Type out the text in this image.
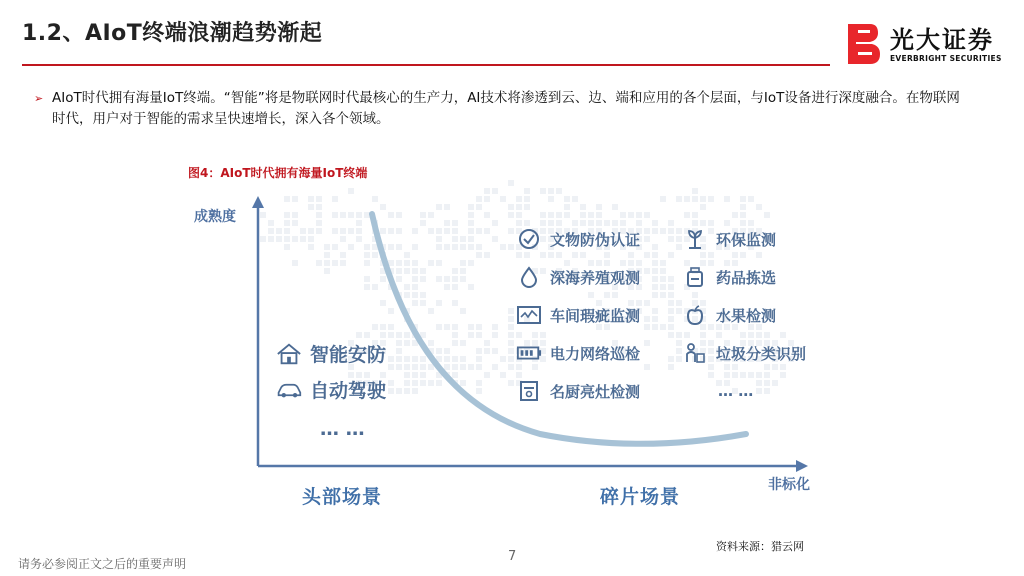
1.2、AIoT终端浪潮趋势渐起	光大证券
EVERBRIGHT SECURITIES
➢ AIoT时代拥有海量IoT终端。“智能”将是物联网时代最核心的生产力，AI技术将渗透到云、边、端和应用的各个层面，与IoT设备进行深度融合。在物联网时代，用户对于智能的需求呈快速增长，深入各个领域。
图4：AIoT时代拥有海量IoT终端
成熟度
非标化
智能安防
自动驾驶
… …
文物防伪认证
深海养殖观测
车间瑕疵监测
电力网络巡检
名厨亮灶检测
环保监测
药品拣选
水果检测
垃圾分类识别
… …
头部场景	碎片场景
资料来源：猎云网
7
请务必参阅正文之后的重要声明
